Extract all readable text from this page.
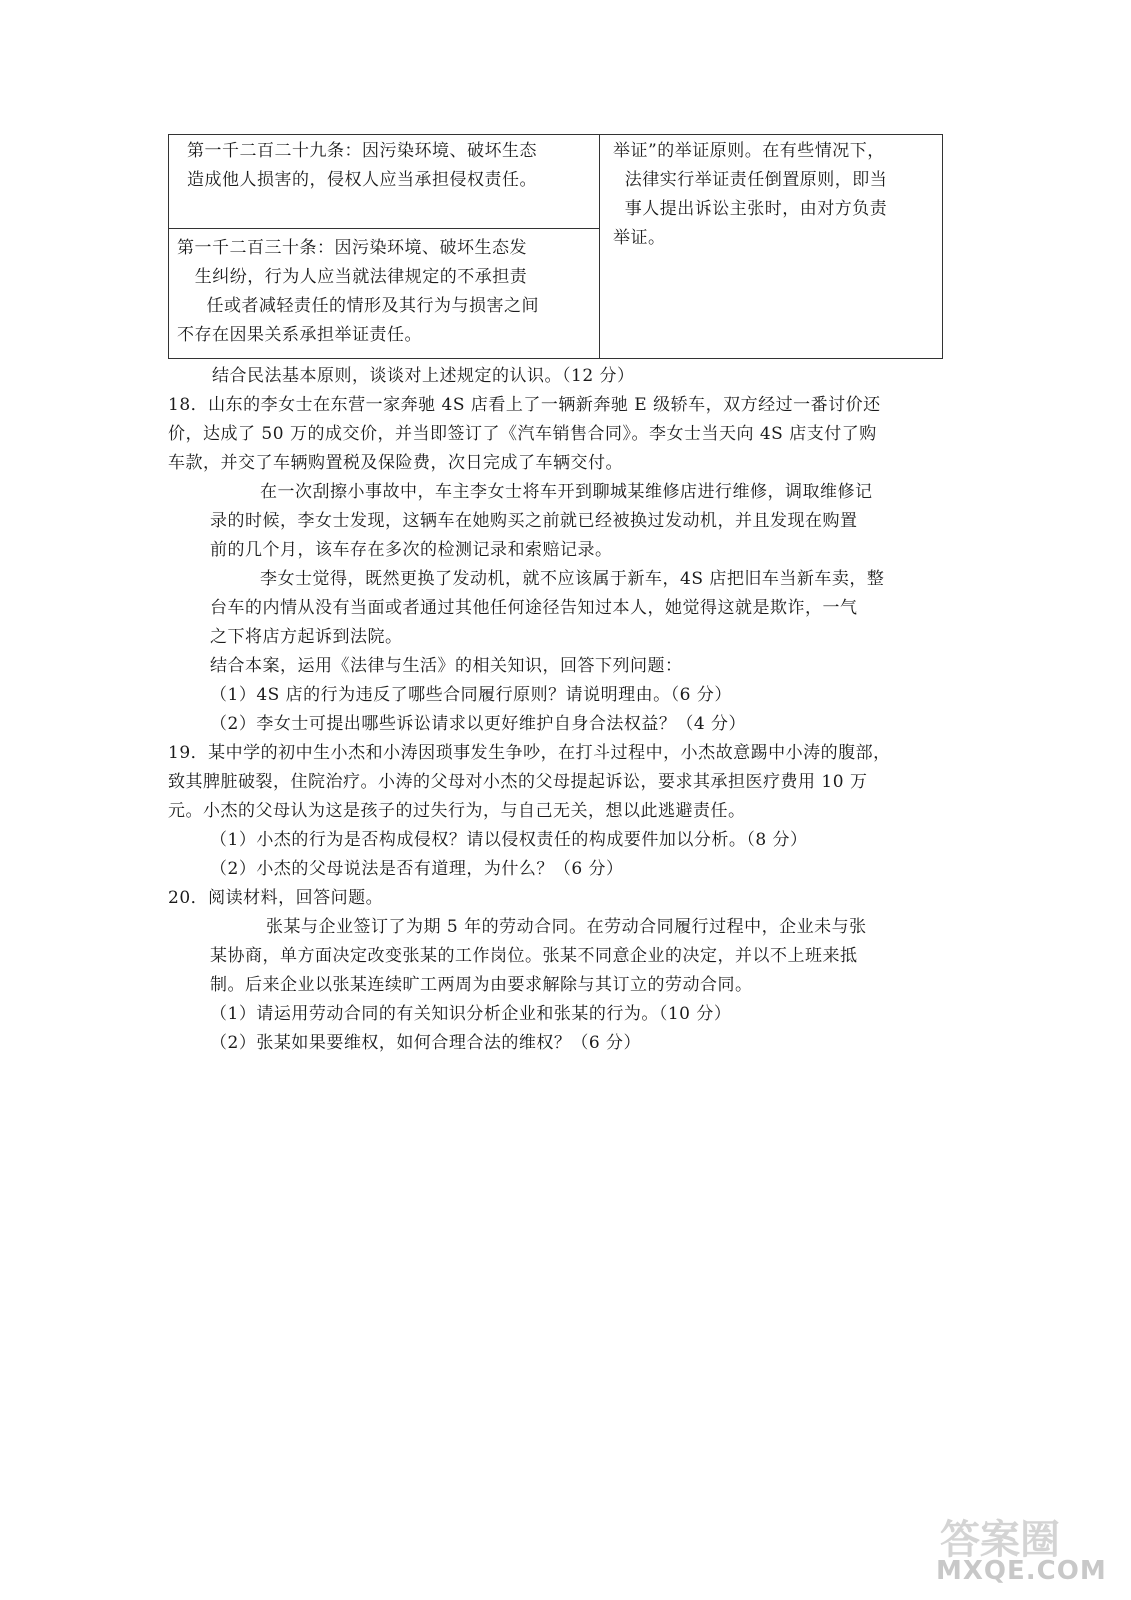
第一千二百二十九条：因污染环境、破坏生态
造成他人损害的，侵权人应当承担侵权责任。
第一千二百三十条：因污染环境、破坏生态发
生纠纷，行为人应当就法律规定的不承担责
任或者减轻责任的情形及其行为与损害之间
不存在因果关系承担举证责任。
举证”的举证原则。在有些情况下，
法律实行举证责任倒置原则，即当
事人提出诉讼主张时，由对方负责
举证。
结合民法基本原则，谈谈对上述规定的认识。（12 分）
18．山东的李女士在东营一家奔驰 4S 店看上了一辆新奔驰 E 级轿车，双方经过一番讨价还
价，达成了 50 万的成交价，并当即签订了《汽车销售合同》。李女士当天向 4S 店支付了购
车款，并交了车辆购置税及保险费，次日完成了车辆交付。
在一次刮擦小事故中，车主李女士将车开到聊城某维修店进行维修，调取维修记
录的时候，李女士发现，这辆车在她购买之前就已经被换过发动机，并且发现在购置
前的几个月，该车存在多次的检测记录和索赔记录。
李女士觉得，既然更换了发动机，就不应该属于新车，4S 店把旧车当新车卖，整
台车的内情从没有当面或者通过其他任何途径告知过本人，她觉得这就是欺诈，一气
之下将店方起诉到法院。
结合本案，运用《法律与生活》的相关知识，回答下列问题：
（1）4S 店的行为违反了哪些合同履行原则？请说明理由。（6 分）
（2）李女士可提出哪些诉讼请求以更好维护自身合法权益？（4 分）
19．某中学的初中生小杰和小涛因琐事发生争吵，在打斗过程中，小杰故意踢中小涛的腹部，
致其脾脏破裂，住院治疗。小涛的父母对小杰的父母提起诉讼，要求其承担医疗费用 10 万
元。小杰的父母认为这是孩子的过失行为，与自己无关，想以此逃避责任。
（1）小杰的行为是否构成侵权？请以侵权责任的构成要件加以分析。（8 分）
（2）小杰的父母说法是否有道理，为什么？（6 分）
20．阅读材料，回答问题。
张某与企业签订了为期 5 年的劳动合同。在劳动合同履行过程中，企业未与张
某协商，单方面决定改变张某的工作岗位。张某不同意企业的决定，并以不上班来抵
制。后来企业以张某连续旷工两周为由要求解除与其订立的劳动合同。
（1）请运用劳动合同的有关知识分析企业和张某的行为。（10 分）
（2）张某如果要维权，如何合理合法的维权？（6 分）
答案圈
MXQE.COM
